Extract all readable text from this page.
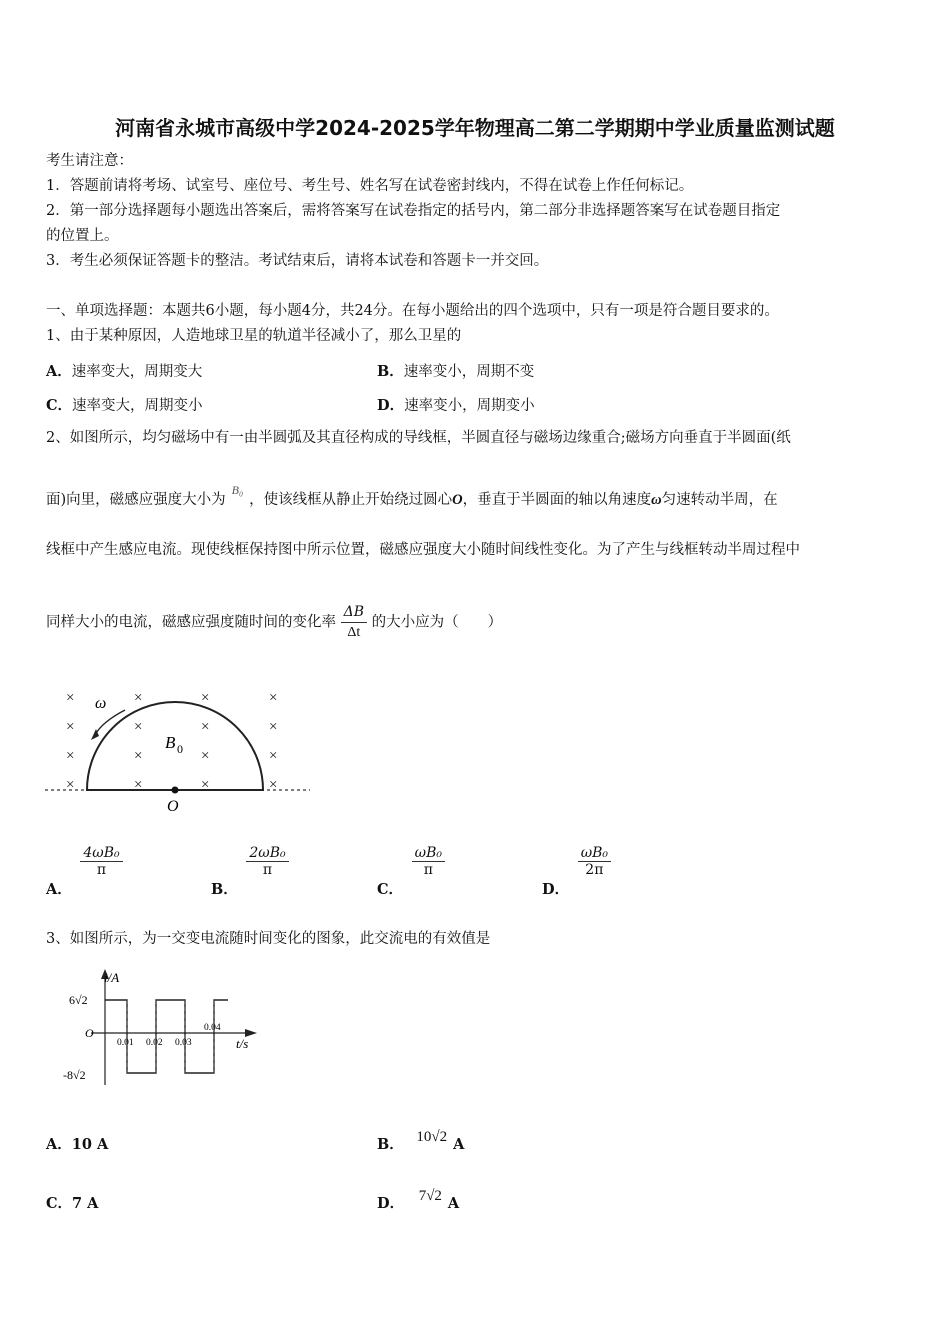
河南省永城市高级中学2024-2025学年物理高二第二学期期中学业质量监测试题
考生请注意：
1．答题前请将考场、试室号、座位号、考生号、姓名写在试卷密封线内，不得在试卷上作任何标记。
2．第一部分选择题每小题选出答案后，需将答案写在试卷指定的括号内，第二部分非选择题答案写在试卷题目指定
的位置上。
3．考生必须保证答题卡的整洁。考试结束后，请将本试卷和答题卡一并交回。
一、单项选择题：本题共6小题，每小题4分，共24分。在每小题给出的四个选项中，只有一项是符合题目要求的。
1、由于某种原因，人造地球卫星的轨道半径减小了，那么卫星的
A．速率变大，周期变大	B．速率变小，周期不变
C．速率变大，周期变小	D．速率变小，周期变小
2、如图所示，均匀磁场中有一由半圆弧及其直径构成的导线框，半圆直径与磁场边缘重合;磁场方向垂直于半圆面(纸
面)向里，磁感应强度大小为$^{B_0}$，使该线框从静止开始绕过圆心O，垂直于半圆面的轴以角速度ω匀速转动半周，在
线框中产生感应电流。现使线框保持图中所示位置，磁感应强度大小随时间线性变化。为了产生与线框转动半周过程中
同样大小的电流，磁感应强度随时间的变化率 $\frac{\Delta B}{\Delta t}$ 的大小应为（　　）
×	×	×	×
×	×	×	×
×	×	×	×
×	×	×	×
ω
B 0
O
A．
$\frac{\text{4ωB₀}}{\pi}$
B．
$\frac{\text{2ωB₀}}{\pi}$
C．
$\frac{\text{ωB₀}}{\pi}$
D．
$\frac{\text{ωB₀}}{2\pi}$
3、如图所示，为一交变电流随时间变化的图象，此交流电的有效值是
i/A
t/s
6√2
-8√2
O
0.01 0.02 0.03
0.04
A．10 A	B． 10√2 A
C．7 A	D． 7√2 A
